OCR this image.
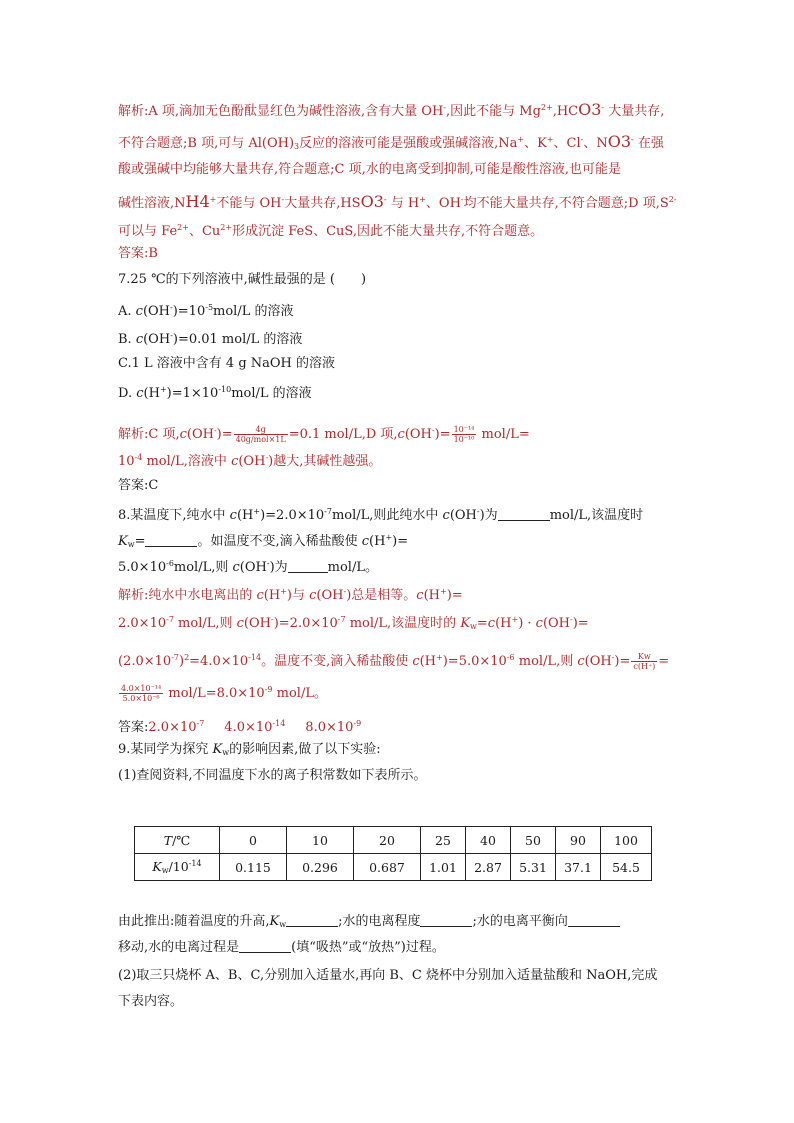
解析:A 项,滴加无色酚酞显红色为碱性溶液,含有大量 OH-,因此不能与 $Mg^{2+},HCO3^-$ 大量共存,
不符合题意;B 项,可与 $Al(OH)_3$反应的溶液可能是强酸或强碱溶液,Na+、K+、Cl-、NO3- 在强
酸或强碱中均能够大量共存,符合题意;C 项,水的电离受到抑制,可能是酸性溶液,也可能是
碱性溶液,NH4+不能与 OH-大量共存,HSO3- 与 H+、OH-均不能大量共存,不符合题意;D 项$,S^{2-}$
可以与 $Fe^{2+}$、$Cu^{2+}$形成沉淀 FeS、CuS,因此不能大量共存,不符合题意。
答案:B
7.25 ℃的下列溶液中,碱性最强的是 (　　)
A. $c(OH^-)=10^{-5}mol/L$ 的溶液
B. c(OH-)=0.01 mol/L 的溶液
C.1 L 溶液中含有 4 g NaOH 的溶液
D. $c(H^+)=1\times 10^{-10}mol/L$ 的溶液
解析:C 项$,c(OH^-)= \frac{4g}{\text{40g/mol×1L}} =0.1$ mol/L,D 项$,c(OH^-)= \frac{\text{10⁻¹⁴}}{\text{10⁻¹⁰}} mol/L=$
$10^{-4}$ mol/L,溶液中 c(OH-)越大,其碱性越强。
答案:C
8.某温度下,纯水中 $c(H^+)=2.0\times 10^{-7}mol/L$,则此纯水中 c(OH-)为	mol/L,该温度时
$K_w=$	。如温度不变,滴入稀盐酸使 c(H+)=
$5.0\times 10^{-6}mol/L$,则 c(OH-)为	mol/L。
解析:纯水中水电离出的 c(H+)与 c(OH-)总是相等。c(H+)=
$2.0\times 10^{-7}$ mol/L,则 $c(OH^-)=2.0\times 10^{-7}$ mol/L,该温度时的 $K_w=c(H^+) \cdot c(OH^-)=$
$(2.0\times 10^{-7})^2=4.0\times 10^{-14}$。温度不变,滴入稀盐酸使 $c(H^+)=5.0\times 10^{-6}$ mol/L,则 $c(OH^-)= \frac{Kw}{c(H^+)}$ =
$\frac{\text{4.0×10⁻¹⁴}}{\text{5.0×10⁻⁶}} mol/L=8.0\times 10^{-9}$ mol/L。
答案$:2.0\times 10^{-7}$ $4.0\times 10^{-14}$ $8.0\times 10^{-9}$
9.某同学为探究 $K_w$的影响因素,做了以下实验:
(1)查阅资料,不同温度下水的离子积常数如下表所示。
T/℃	0	10	20	25	40	50	90	100
$K_w/10^{-14}$	0.115	0.296	0.687	1.01	2.87	5.31	37.1	54.5
由此推出:随着温度的升高$,K_w$	;水的电离程度	;水的电离平衡向
移动,水的电离过程是	(填“吸热”或“放热”)过程。
(2)取三只烧杯 A、B、C,分别加入适量水,再向 B、C 烧杯中分别加入适量盐酸和 NaOH,完成
下表内容。
